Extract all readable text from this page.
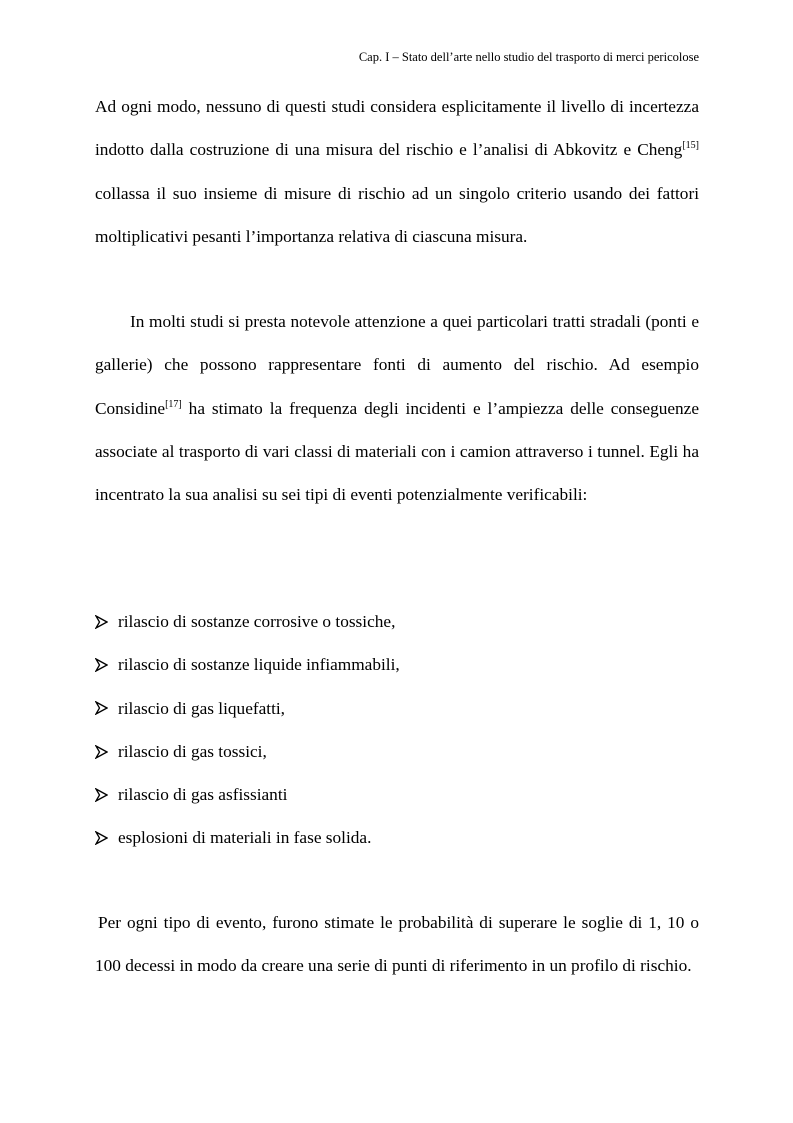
Cap. I – Stato dell’arte nello studio del trasporto di merci pericolose

Ad ogni modo, nessuno di questi studi considera esplicitamente il livello di incertezza indotto dalla costruzione di una misura del rischio e l’analisi di Abkovitz e Cheng[15] collassa il suo insieme di misure di rischio ad un singolo criterio usando dei fattori moltiplicativi pesanti l’importanza relativa di ciascuna misura.

In molti studi si presta notevole attenzione a quei particolari tratti stradali (ponti e gallerie) che possono rappresentare fonti di aumento del rischio. Ad esempio Considine[17] ha stimato la frequenza degli incidenti e l’ampiezza delle conseguenze associate al trasporto di vari classi di materiali con i camion attraverso i tunnel. Egli ha incentrato la sua analisi su sei tipi di eventi potenzialmente verificabili:

rilascio di sostanze corrosive o tossiche,
rilascio di sostanze liquide infiammabili,
rilascio di gas liquefatti,
rilascio di gas tossici,
rilascio di gas asfissianti
esplosioni di materiali in fase solida.

Per ogni tipo di evento, furono stimate le probabilità di superare le soglie di 1, 10 o 100 decessi in modo da creare una serie di punti di riferimento in un profilo di rischio.
